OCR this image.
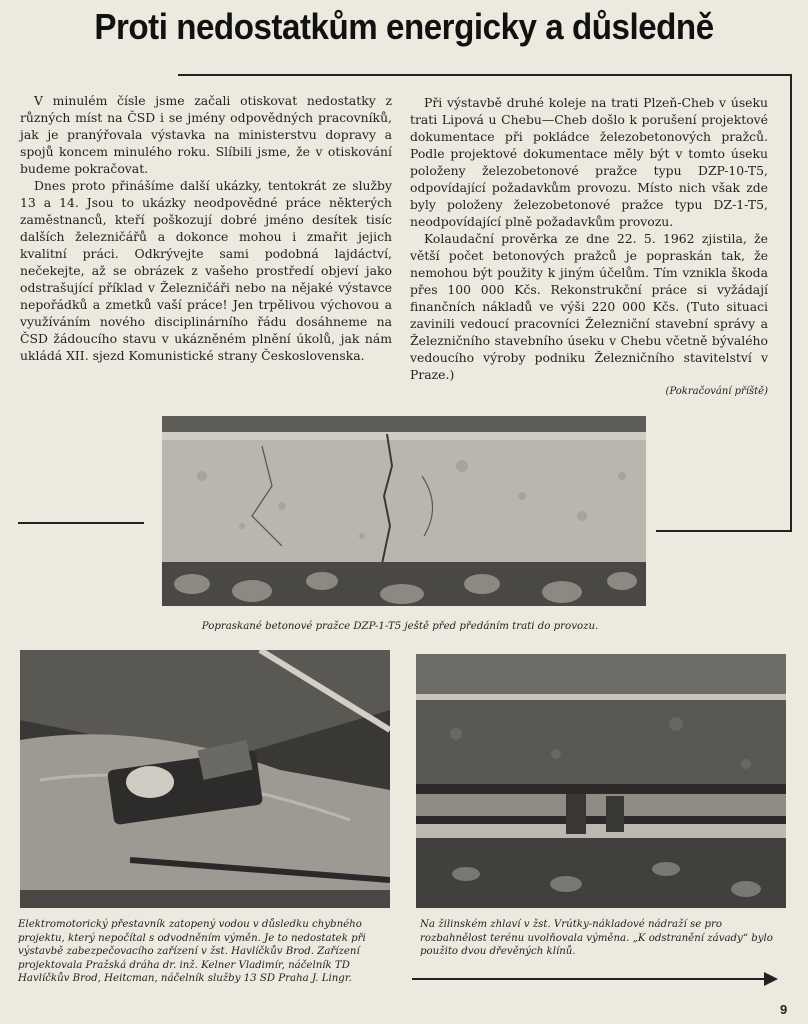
Proti nedostatkům energicky a důsledně

V minulém čísle jsme začali otiskovat nedostatky z různých míst na ČSD i se jmény odpovědných pracovníků, jak je pranýřovala výstavka na ministerstvu dopravy a spojů koncem minulého roku. Slíbili jsme, že v otiskování budeme pokračovat.

Dnes proto přinášíme další ukázky, tentokrát ze služby 13 a 14. Jsou to ukázky neodpovědné práce některých zaměstnanců, kteří poškozují dobré jméno desítek tisíc dalších železničářů a dokonce mohou i zmařit jejich kvalitní práci. Odkrývejte sami podobná lajdáctví, nečekejte, až se obrázek z vašeho prostředí objeví jako odstrašující příklad v Železničáři nebo na nějaké výstavce nepořádků a zmetků vaší práce! Jen trpělivou výchovou a využíváním nového disciplinárního řádu dosáhneme na ČSD žádoucího stavu v ukázněném plnění úkolů, jak nám ukládá XII. sjezd Komunistické strany Československa.

Při výstavbě druhé koleje na trati Plzeň-Cheb v úseku trati Lipová u Chebu—Cheb došlo k porušení projektové dokumentace při pokládce železobetonových pražců. Podle projektové dokumentace měly být v tomto úseku položeny železobetonové pražce typu DZP-10-T5, odpovídající požadavkům provozu. Místo nich však zde byly položeny železobetonové pražce typu DZ-1-T5, neodpovídající plně požadavkům provozu.

Kolaudační prověrka ze dne 22. 5. 1962 zjistila, že větší počet betonových pražců je popraskán tak, že nemohou být použity k jiným účelům. Tím vznikla škoda přes 100 000 Kčs. Rekonstrukční práce si vyžádají finančních nákladů ve výši 220 000 Kčs. (Tuto situaci zavinili vedoucí pracovníci Železniční stavební správy a Železničního stavebního úseku v Chebu včetně bývalého vedoucího výroby podniku Železničního stavitelství v Praze.)

(Pokračování příště)
Popraskané betonové pražce DZP-1-T5 ještě před předáním trati do provozu.
Elektromotorický přestavník zatopený vodou v důsledku chybného projektu, který nepočítal s odvodněním výměn. Je to nedostatek při výstavbě zabezpečovacího zařízení v žst. Havlíčkův Brod. Zařízení projektovala Pražská dráha dr. inž. Kelner Vladimír, náčelník TD Havlíčkův Brod, Heitcman, náčelník služby 13 SD Praha J. Lingr.
Na žilinském zhlaví v žst. Vrútky-nákladové nádraží se pro rozbahnělost terénu uvolňovala výměna. „K odstranění závady“ bylo použito dvou dřevěných klínů.
9
